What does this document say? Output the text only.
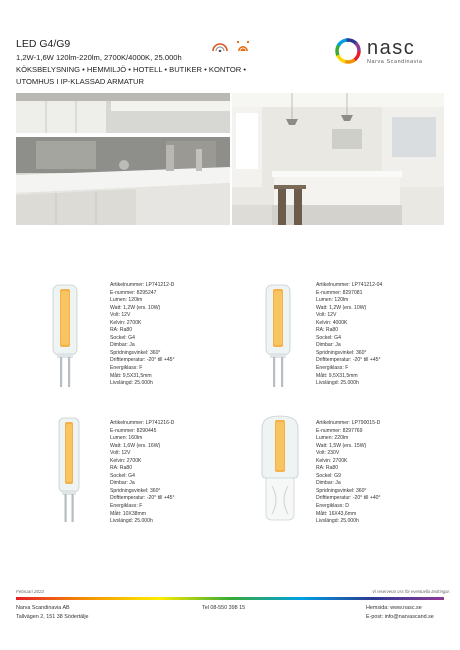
LED G4/G9
1,2W-1,6W 120lm-220lm, 2700K/4000K, 25.000h
KÖKSBELYSNING • HEMMILJÖ • HOTELL • BUTIKER • KONTOR •
UTOMHUS I IP-KLASSAD ARMATUR
nasc
Narva Scandinavia
Artikelnummer: LP741212-D
E-nummer: 8295247
Lumen: 120lm
Watt: 1,2W (ers. 10W)
Volt: 12V
Kelvin: 2700K
RA: Ra80
Sockel: G4
Dimbar: Ja
Spridningsvinkel: 360°
Drifttemperatur: -20° till +45°
Energiklass: F
Mått: 9,5X31,5mm
Livslängd: 25.000h
Artikelnummer: LP741212-04
E-nummer: 8297081
Lumen: 120lm
Watt: 1,2W (ers. 10W)
Volt: 12V
Kelvin: 4000K
RA: Ra80
Sockel: G4
Dimbar: Ja
Spridningsvinkel: 360°
Drifttemperatur: -20° till +45°
Energiklass: F
Mått: 9,5X31,5mm
Livslängd: 25.000h
Artikelnummer: LP741216-D
E-nummer: 8290445
Lumen: 160lm
Watt: 1,6W (ers. 16W)
Volt: 12V
Kelvin: 2700K
RA: Ra80
Sockel: G4
Dimbar: Ja
Spridningsvinkel: 360°
Drifttemperatur: -20° till +45°
Energiklass: F
Mått: 10X38mm
Livslängd: 25.000h
Artikelnummer: LP790015-D
E-nummer: 8297769
Lumen: 220lm
Watt: 1,5W (ers. 15W)
Volt: 230V
Kelvin: 2700K
RA: Ra80
Sockel: G9
Dimbar: Ja
Spridningsvinkel: 360°
Drifttemperatur: -20° till +40°
Energiklass: D
Mått: 16X43,6mm
Livslängd: 25.000h
Februari 2022	Vi reserverar oss för eventuella ändringar.
Narva Scandinavia AB
Tallvägen 2, 151 38 Södertälje
Tel 08-550 398 15	Hemsida: www.nasc.se
E-post: info@narvascand.se
